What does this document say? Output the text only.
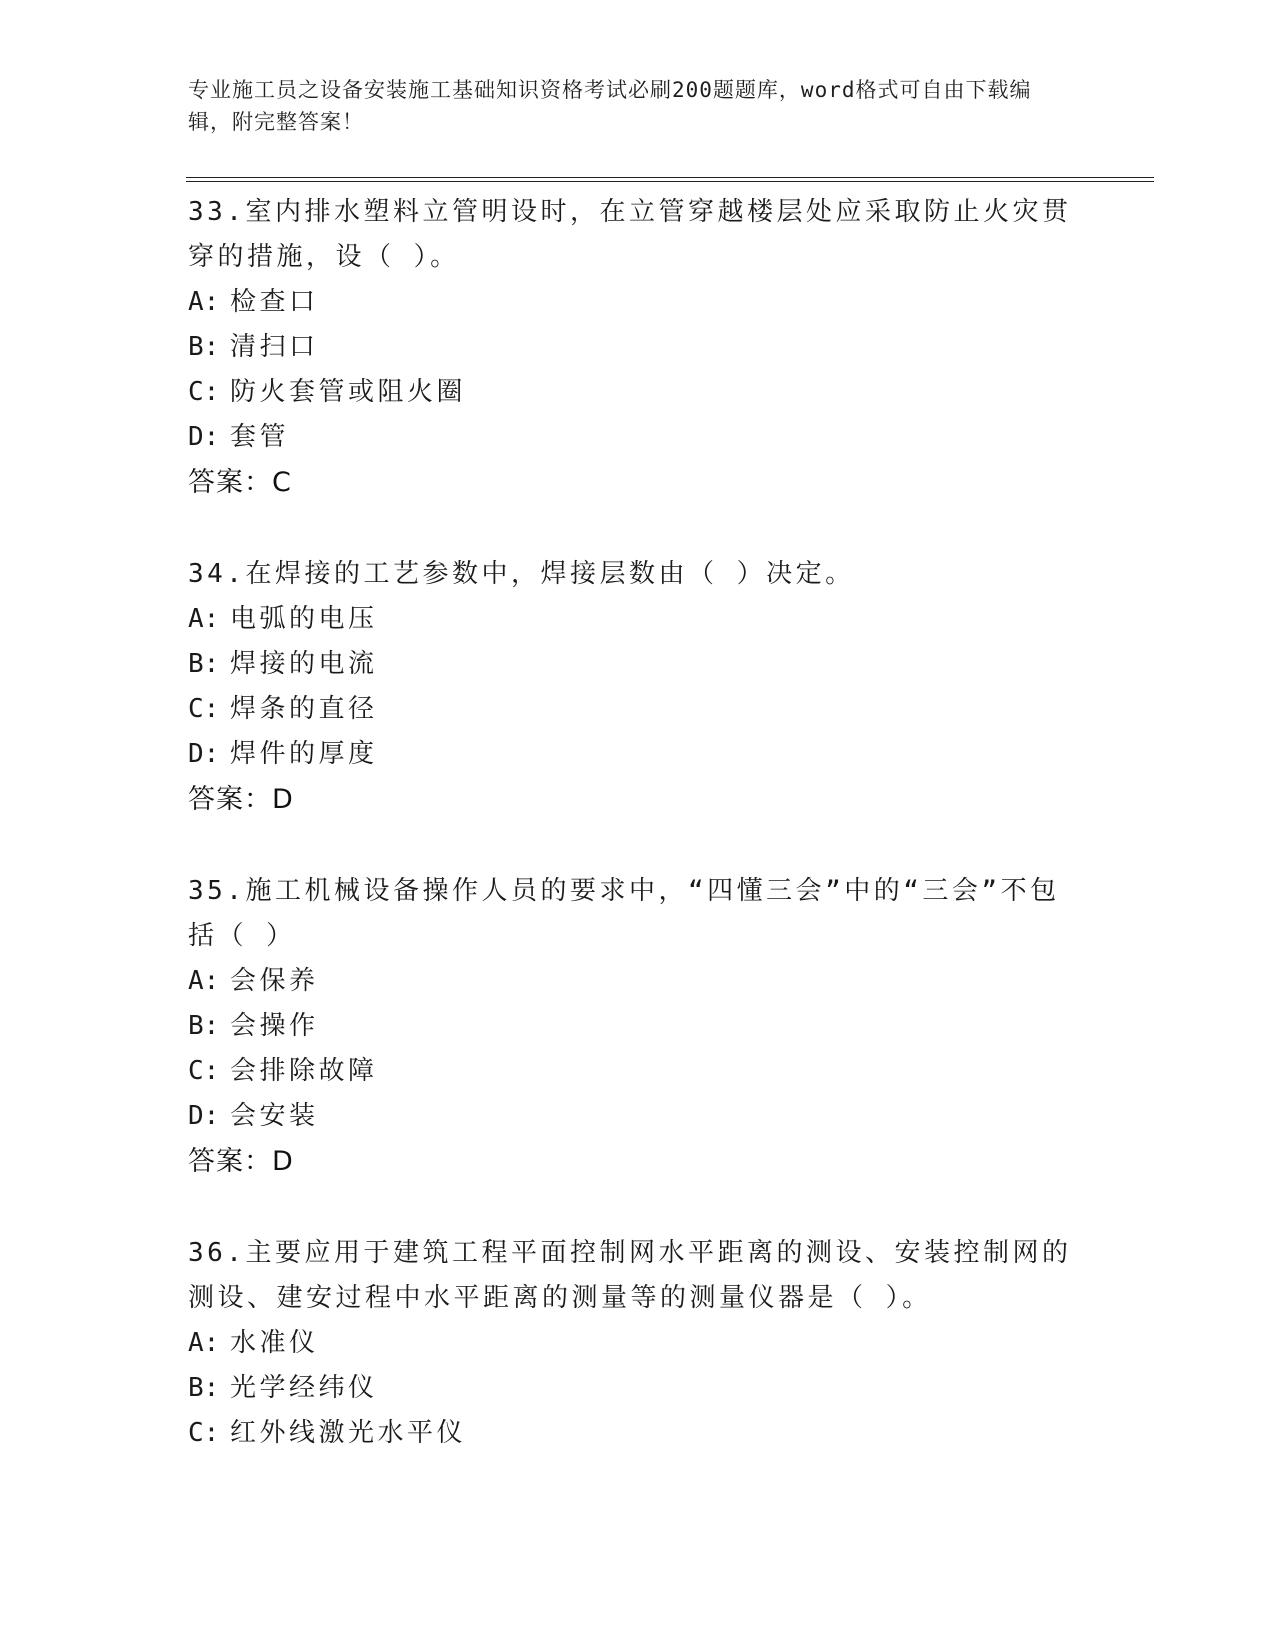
专业施工员之设备安装施工基础知识资格考试必刷200题题库，word格式可自由下载编辑，附完整答案！

33.室内排水塑料立管明设时，在立管穿越楼层处应采取防止火灾贯穿的措施，设（ ）。

A: 检查口
B: 清扫口
C: 防火套管或阻火圈
D: 套管
答案：C

34.在焊接的工艺参数中，焊接层数由（ ）决定。

A: 电弧的电压
B: 焊接的电流
C: 焊条的直径
D: 焊件的厚度
答案：D

35.施工机械设备操作人员的要求中，“四懂三会”中的“三会”不包括（ ）

A: 会保养
B: 会操作
C: 会排除故障
D: 会安装
答案：D

36.主要应用于建筑工程平面控制网水平距离的测设、安装控制网的测设、建安过程中水平距离的测量等的测量仪器是（ ）。

A: 水准仪
B: 光学经纬仪
C: 红外线激光水平仪
